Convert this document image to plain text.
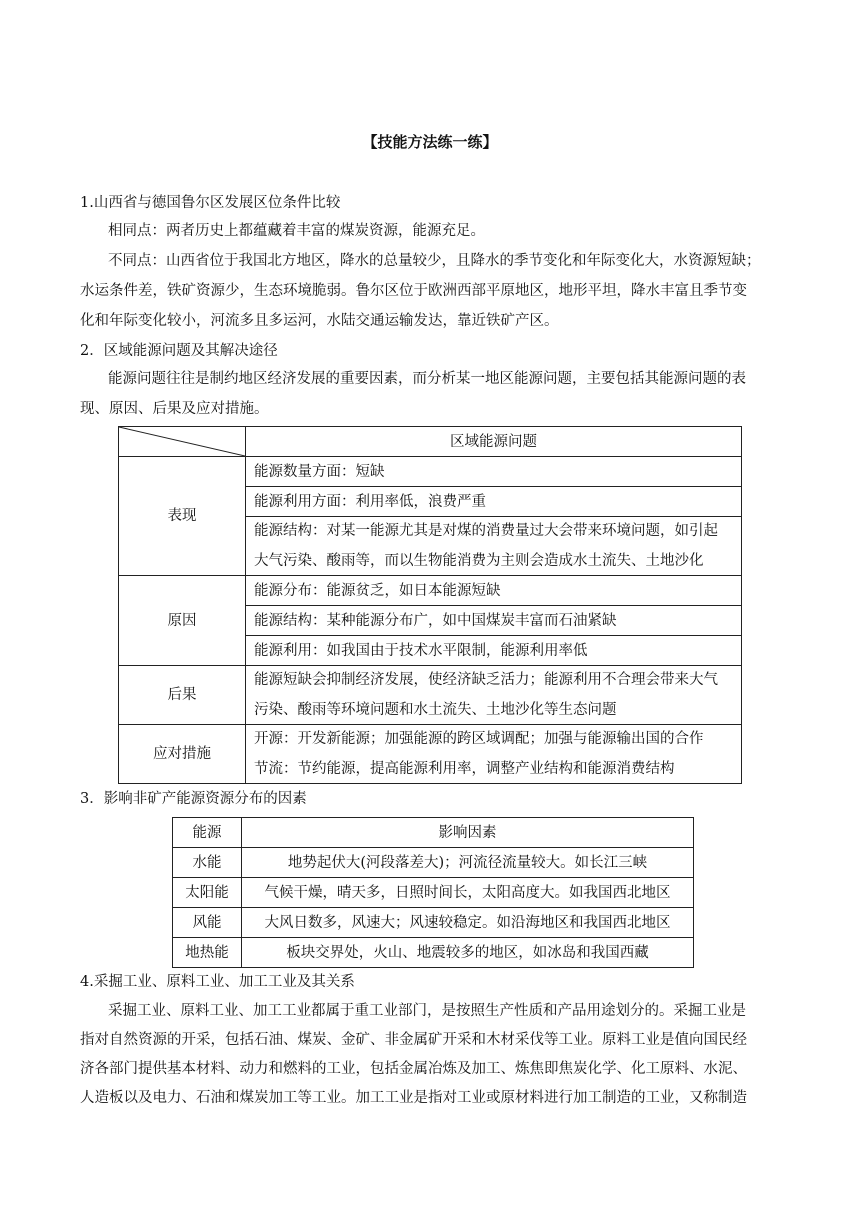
【技能方法练一练】
1.山西省与德国鲁尔区发展区位条件比较
相同点：两者历史上都蕴藏着丰富的煤炭资源，能源充足。
不同点：山西省位于我国北方地区，降水的总量较少，且降水的季节变化和年际变化大，水资源短缺；
水运条件差，铁矿资源少，生态环境脆弱。鲁尔区位于欧洲西部平原地区，地形平坦，降水丰富且季节变
化和年际变化较小，河流多且多运河，水陆交通运输发达，靠近铁矿产区。
2．区域能源问题及其解决途径
能源问题往往是制约地区经济发展的重要因素，而分析某一地区能源问题，主要包括其能源问题的表
现、原因、后果及应对措施。
	区域能源问题
表现	能源数量方面：短缺
	能源利用方面：利用率低，浪费严重

	能源结构：对某一能源尤其是对煤的消费量过大会带来环境问题，如引起
大气污染、酸雨等，而以生物能消费为主则会造成水土流失、土地沙化

原因	能源分布：能源贫乏，如日本能源短缺
	能源结构：某种能源分布广，如中国煤炭丰富而石油紧缺
	能源利用：如我国由于技术水平限制，能源利用率低
后果	能源短缺会抑制经济发展，使经济缺乏活力；能源利用不合理会带来大气
污染、酸雨等环境问题和水土流失、土地沙化等生态问题

应对措施	开源：开发新能源；加强能源的跨区域调配；加强与能源输出国的合作
节流：节约能源，提高能源利用率，调整产业结构和能源消费结构
3．影响非矿产能源资源分布的因素
能源	影响因素
水能	地势起伏大(河段落差大)；河流径流量较大。如长江三峡
太阳能	气候干燥，晴天多，日照时间长，太阳高度大。如我国西北地区
风能	大风日数多，风速大；风速较稳定。如沿海地区和我国西北地区
地热能	板块交界处，火山、地震较多的地区，如冰岛和我国西藏
4.采掘工业、原料工业、加工工业及其关系
采掘工业、原料工业、加工工业都属于重工业部门，是按照生产性质和产品用途划分的。采掘工业是
指对自然资源的开采，包括石油、煤炭、金矿、非金属矿开采和木材采伐等工业。原料工业是值向国民经
济各部门提供基本材料、动力和燃料的工业，包括金属冶炼及加工、炼焦即焦炭化学、化工原料、水泥、
人造板以及电力、石油和煤炭加工等工业。加工工业是指对工业或原材料进行加工制造的工业，又称制造
